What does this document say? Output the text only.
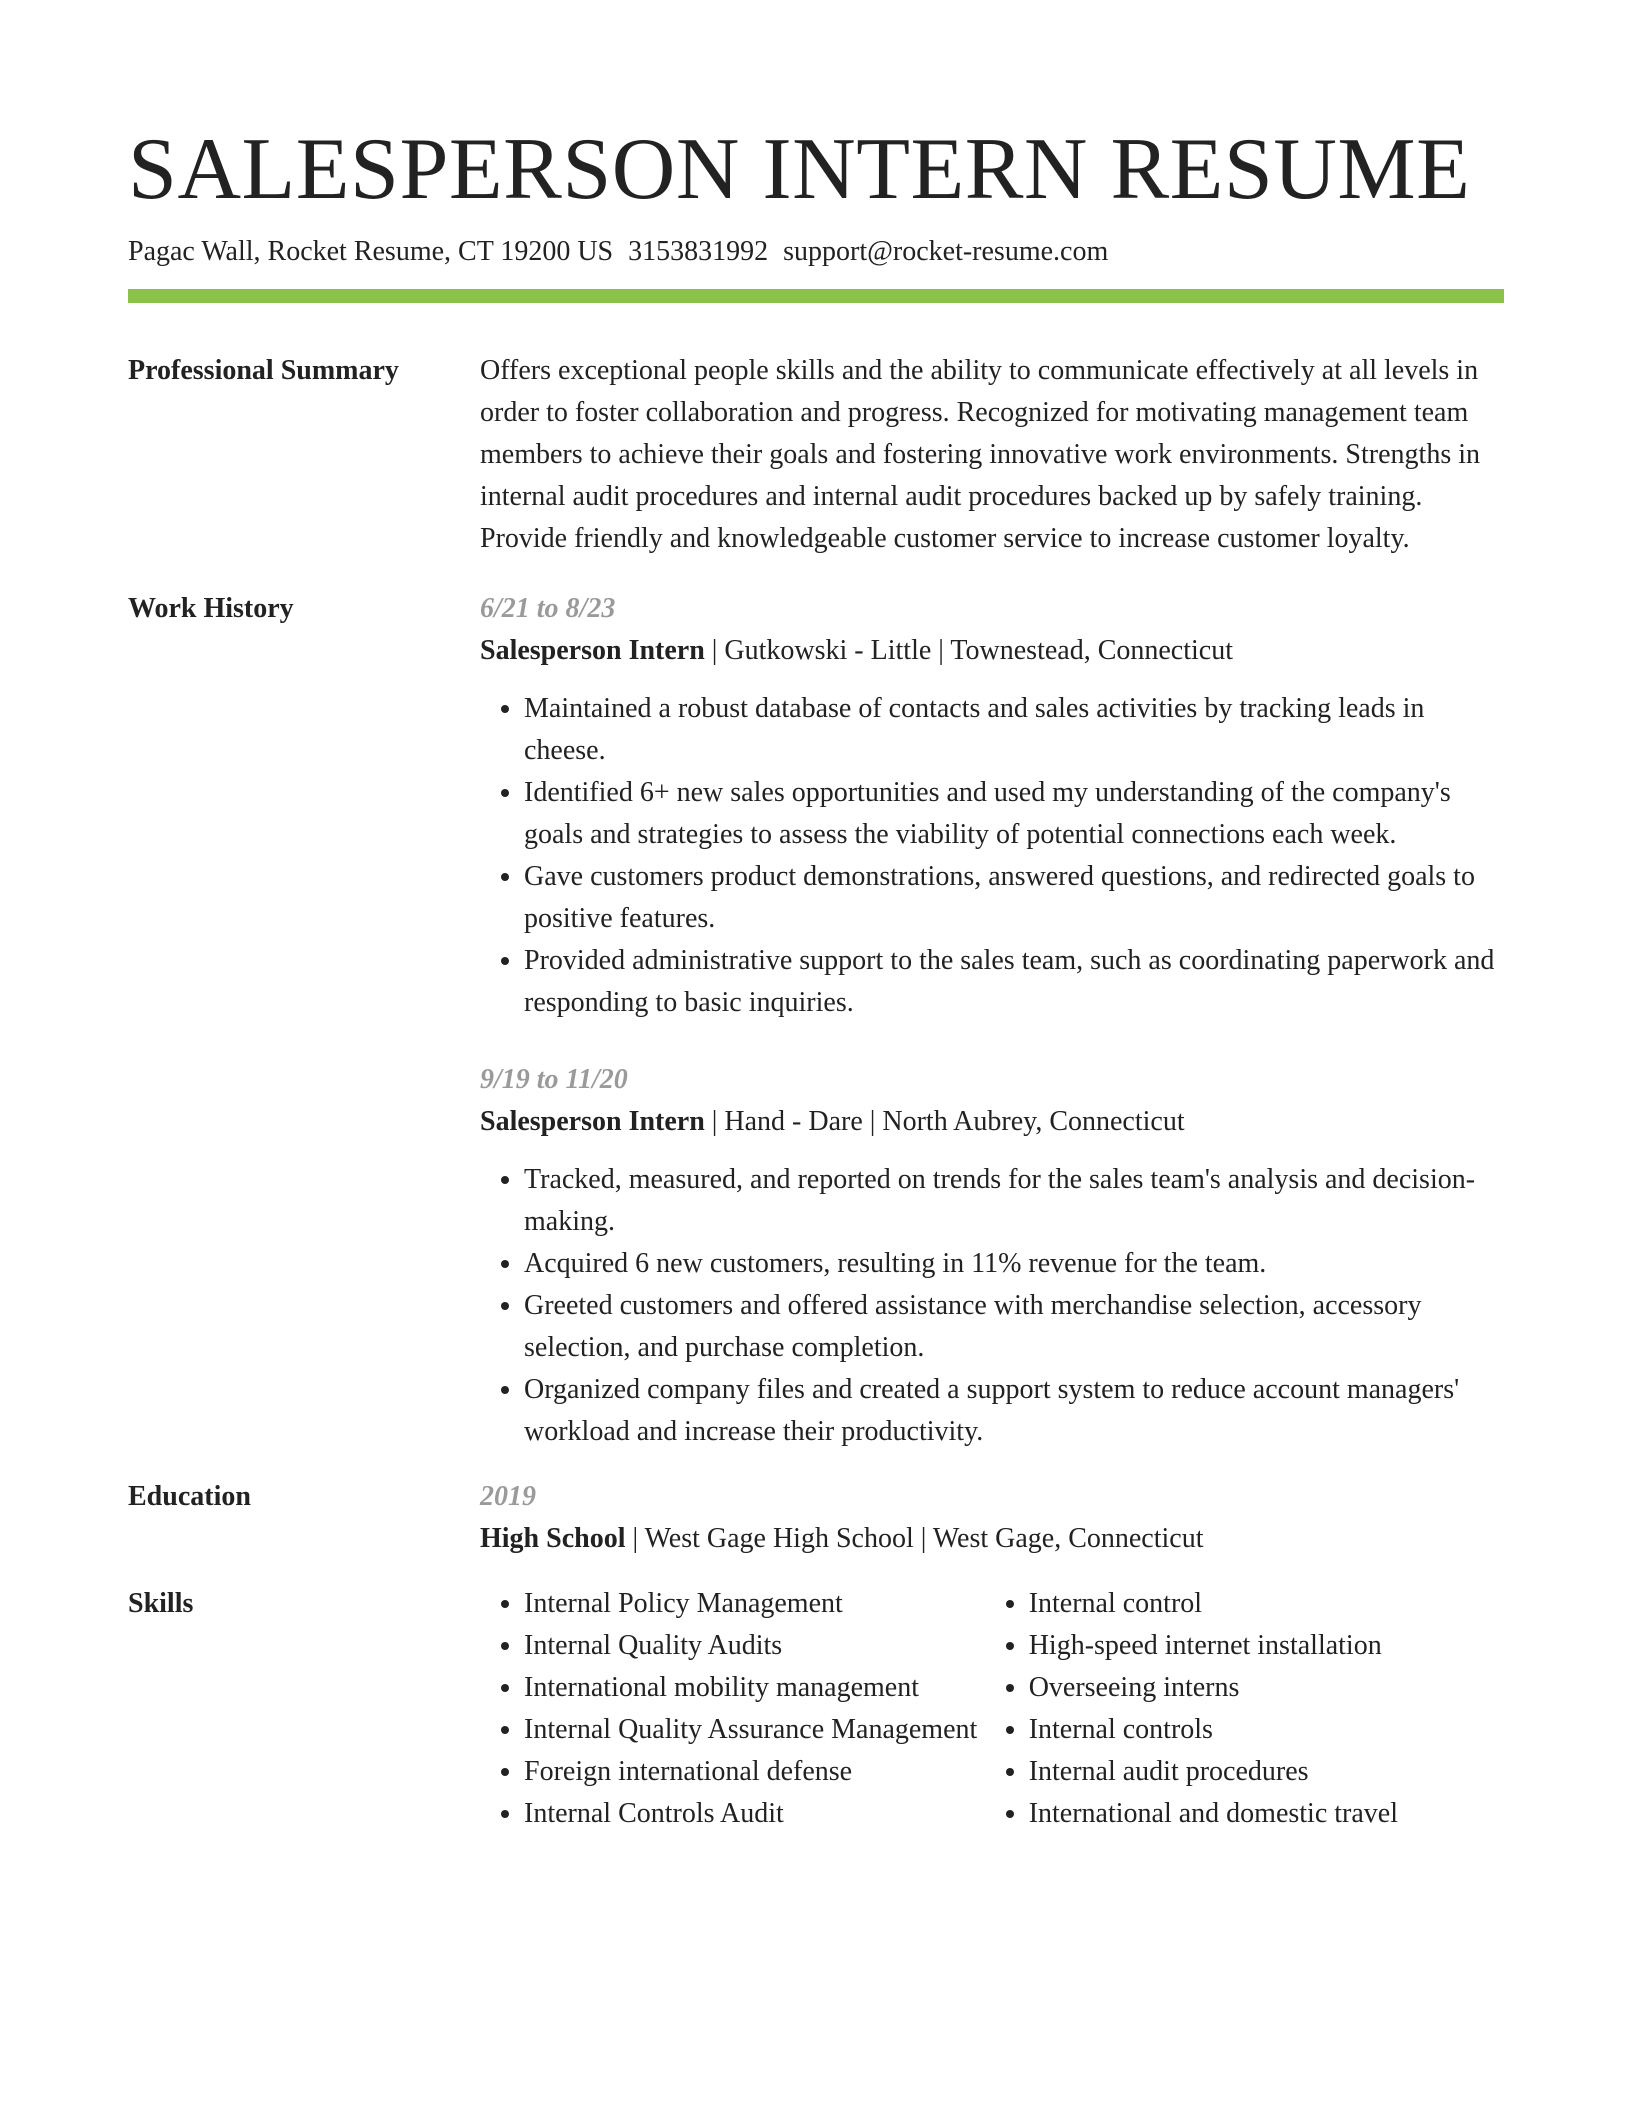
SALESPERSON INTERN RESUME
Pagac Wall, Rocket Resume, CT 19200 US 3153831992 support@rocket-resume.com
Professional Summary	Offers exceptional people skills and the ability to communicate effectively at all levels in order to foster collaboration and progress. Recognized for motivating management team members to achieve their goals and fostering innovative work environments. Strengths in internal audit procedures and internal audit procedures backed up by safely training. Provide friendly and knowledgeable customer service to increase customer loyalty.

Work History	6/21 to 8/23
Salesperson Intern | Gutkowski - Little | Townestead, Connecticut
• Maintained a robust database of contacts and sales activities by tracking leads in cheese.
• Identified 6+ new sales opportunities and used my understanding of the company's goals and strategies to assess the viability of potential connections each week.
• Gave customers product demonstrations, answered questions, and redirected goals to positive features.
• Provided administrative support to the sales team, such as coordinating paperwork and responding to basic inquiries.
9/19 to 11/20
Salesperson Intern | Hand - Dare | North Aubrey, Connecticut
• Tracked, measured, and reported on trends for the sales team's analysis and decision-making.
• Acquired 6 new customers, resulting in 11% revenue for the team.
• Greeted customers and offered assistance with merchandise selection, accessory selection, and purchase completion.
• Organized company files and created a support system to reduce account managers' workload and increase their productivity.
Education	2019
High School | West Gage High School | West Gage, Connecticut
Skills
•	Internal Policy Management
• Internal Quality Audits
• International mobility management
• Internal Quality Assurance Management
• Foreign international defense
• Internal Controls Audit
• Internal control
• High-speed internet installation
• Overseeing interns
• Internal controls
• Internal audit procedures
• International and domestic travel
